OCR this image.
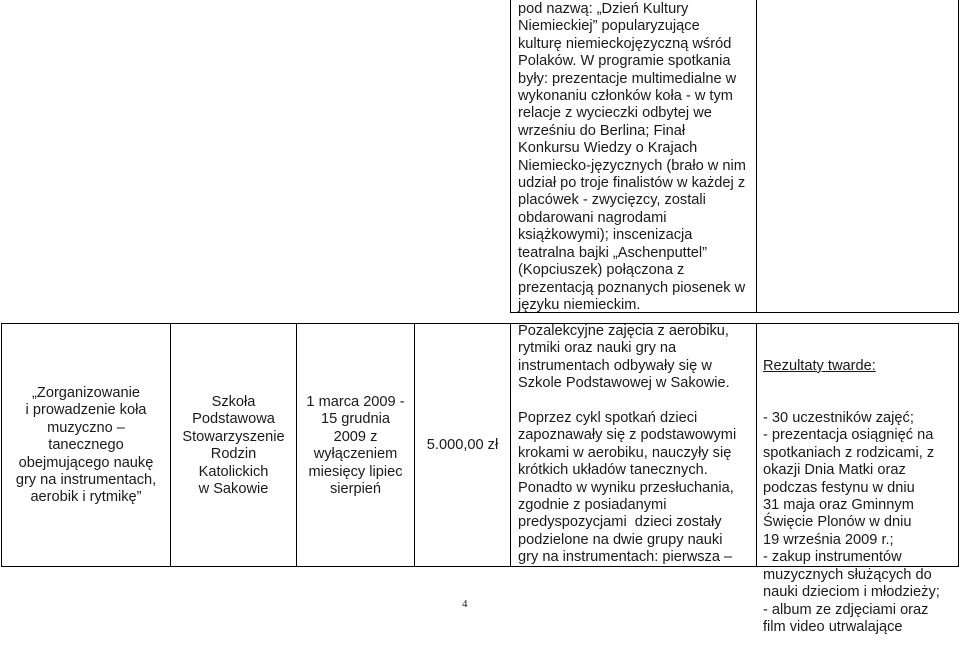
pod nazwą: „Dzień Kultury
Niemieckiej” popularyzujące
kulturę niemieckojęzyczną wśród
Polaków. W programie spotkania
były: prezentacje multimedialne w
wykonaniu członków koła - w tym
relacje z wycieczki odbytej we
wrześniu do Berlina; Finał
Konkursu Wiedzy o Krajach
Niemiecko-języcznych (brało w nim
udział po troje finalistów w każdej z
placówek - zwycięzcy, zostali
obdarowani nagrodami
książkowymi); inscenizacja
teatralna bajki „Aschenputtel”
(Kopciuszek) połączona z
prezentacją poznanych piosenek w
języku niemieckim.

„Zorganizowanie
i prowadzenie koła
muzyczno –
tanecznego
obejmującego naukę
gry na instrumentach,
aerobik i rytmikę”

Szkoła
Podstawowa
Stowarzyszenie
Rodzin
Katolickich
w Sakowie

1 marca 2009 -
15 grudnia
2009 z
wyłączeniem
miesięcy lipiec
sierpień

5.000,00 zł

Pozalekcyjne zajęcia z aerobiku,
rytmiki oraz nauki gry na
instrumentach odbywały się w
Szkole Podstawowej w Sakowie.

Poprzez cykl spotkań dzieci
zapoznawały się z podstawowymi
krokami w aerobiku, nauczyły się
krótkich układów tanecznych.
Ponadto w wyniku przesłuchania,
zgodnie z posiadanymi
predyspozycjami  dzieci zostały
podzielone na dwie grupy nauki
gry na instrumentach: pierwsza –

Rezultaty twarde:

- 30 uczestników zajęć;
- prezentacja osiągnięć na
spotkaniach z rodzicami, z
okazji Dnia Matki oraz
podczas festynu w dniu
31 maja oraz Gminnym
Święcie Plonów w dniu
19 września 2009 r.;
- zakup instrumentów
muzycznych służących do
nauki dzieciom i młodzieży;
- album ze zdjęciami oraz
film video utrwalające

4
